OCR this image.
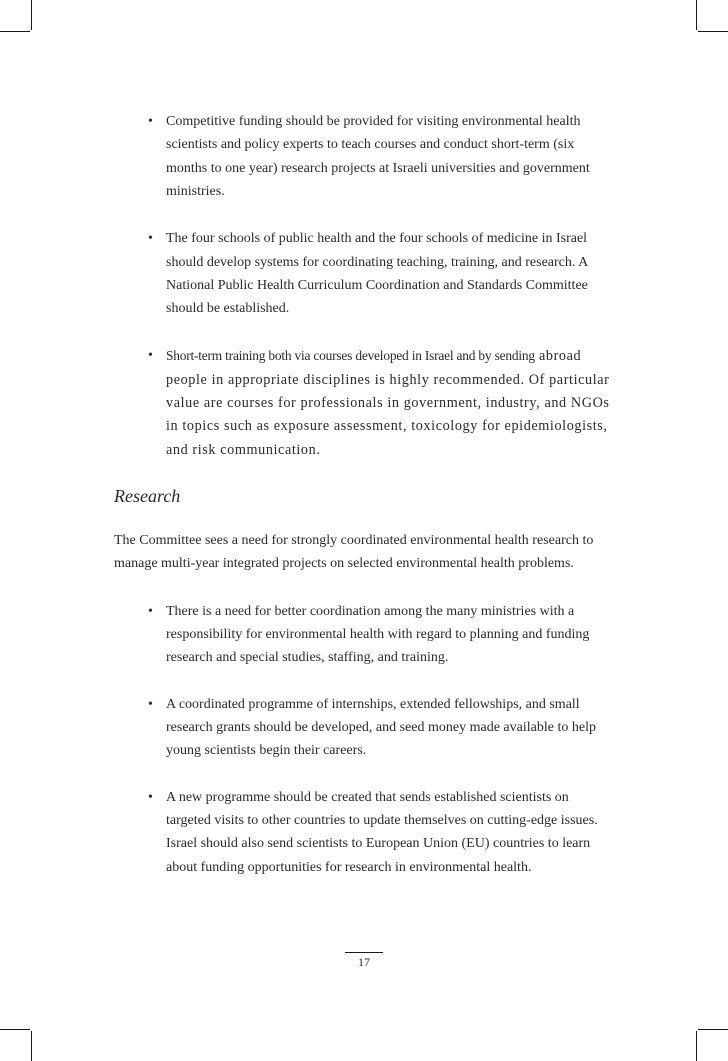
• Competitive funding should be provided for visiting environmental health scientists and policy experts to teach courses and conduct short-term (six months to one year) research projects at Israeli universities and government ministries.
• The four schools of public health and the four schools of medicine in Israel should develop systems for coordinating teaching, training, and research. A National Public Health Curriculum Coordination and Standards Committee should be established.
• Short-term training both via courses developed in Israel and by sending abroad people in appropriate disciplines is highly recommended. Of particular value are courses for professionals in government, industry, and NGOs in topics such as exposure assessment, toxicology for epidemiologists, and risk communication.
Research

The Committee sees a need for strongly coordinated environmental health research to manage multi-year integrated projects on selected environmental health problems.

• There is a need for better coordination among the many ministries with a responsibility for environmental health with regard to planning and funding research and special studies, staffing, and training.
• A coordinated programme of internships, extended fellowships, and small research grants should be developed, and seed money made available to help young scientists begin their careers.
• A new programme should be created that sends established scientists on targeted visits to other countries to update themselves on cutting-edge issues. Israel should also send scientists to European Union (EU) countries to learn about funding opportunities for research in environmental health.
17
